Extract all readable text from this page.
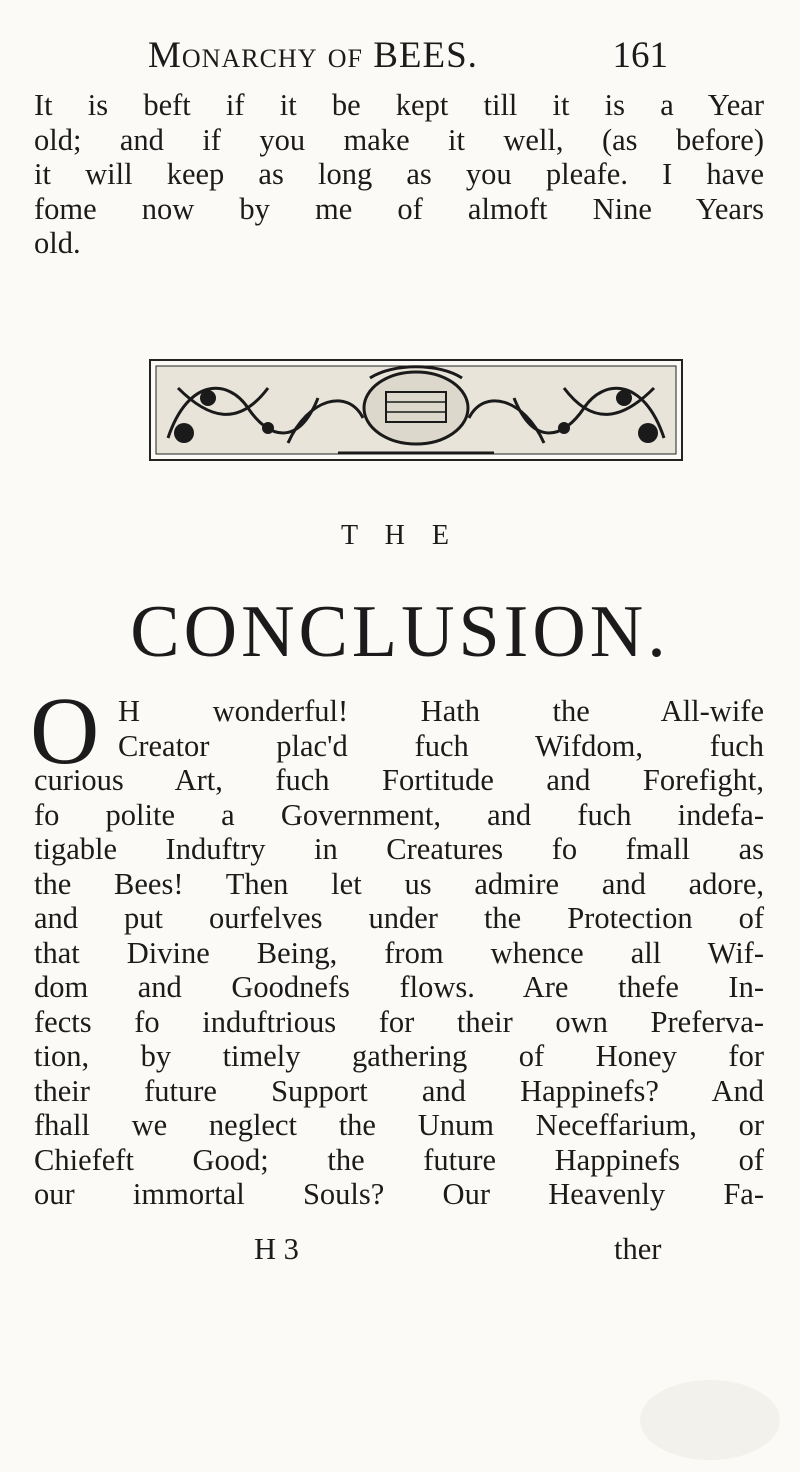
Monarchy of BEES.	161
It is beft if it be kept till it is a Year
old; and if you make it well, (as before)
it will keep as long as you pleafe. I have
fome now by me of almoft Nine Years
old.
T H E
CONCLUSION.
O H wonderful! Hath the All-wife
Creator plac'd fuch Wifdom, fuch
curious Art, fuch Fortitude and Forefight,
fo polite a Government, and fuch indefa-
tigable Induftry in Creatures fo fmall as
the Bees! Then let us admire and adore,
and put ourfelves under the Protection of
that Divine Being, from whence all Wif-
dom and Goodnefs flows. Are thefe In-
fects fo induftrious for their own Preferva-
tion, by timely gathering of Honey for
their future Support and Happinefs? And
fhall we neglect the Unum Neceffarium, or
Chiefeft Good; the future Happinefs of
our immortal Souls? Our Heavenly Fa-
H 3	ther
